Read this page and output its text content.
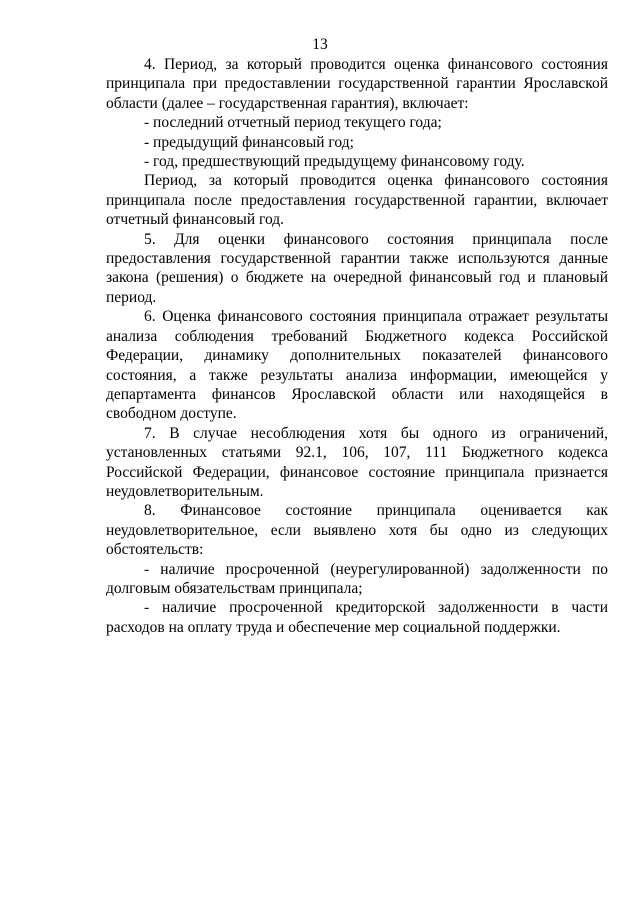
13

4. Период, за который проводится оценка финансового состояния принципала при предоставлении государственной гарантии Ярославской области (далее – государственная гарантия), включает:

- последний отчетный период текущего года;

- предыдущий финансовый год;

- год, предшествующий предыдущему финансовому году.

Период, за который проводится оценка финансового состояния принципала после предоставления государственной гарантии, включает отчетный финансовый год.

5. Для оценки финансового состояния принципала после предоставления государственной гарантии также используются данные закона (решения) о бюджете на очередной финансовый год и плановый период.

6. Оценка финансового состояния принципала отражает результаты анализа соблюдения требований Бюджетного кодекса Российской Федерации, динамику дополнительных показателей финансового состояния, а также результаты анализа информации, имеющейся у департамента финансов Ярославской области или находящейся в свободном доступе.

7. В случае несоблюдения хотя бы одного из ограничений, установленных статьями 92.1, 106, 107, 111 Бюджетного кодекса Российской Федерации, финансовое состояние принципала признается неудовлетворительным.

8. Финансовое состояние принципала оценивается как неудовлетворительное, если выявлено хотя бы одно из следующих обстоятельств:

- наличие просроченной (неурегулированной) задолженности по долговым обязательствам принципала;

- наличие просроченной кредиторской задолженности в части расходов на оплату труда и обеспечение мер социальной поддержки.
